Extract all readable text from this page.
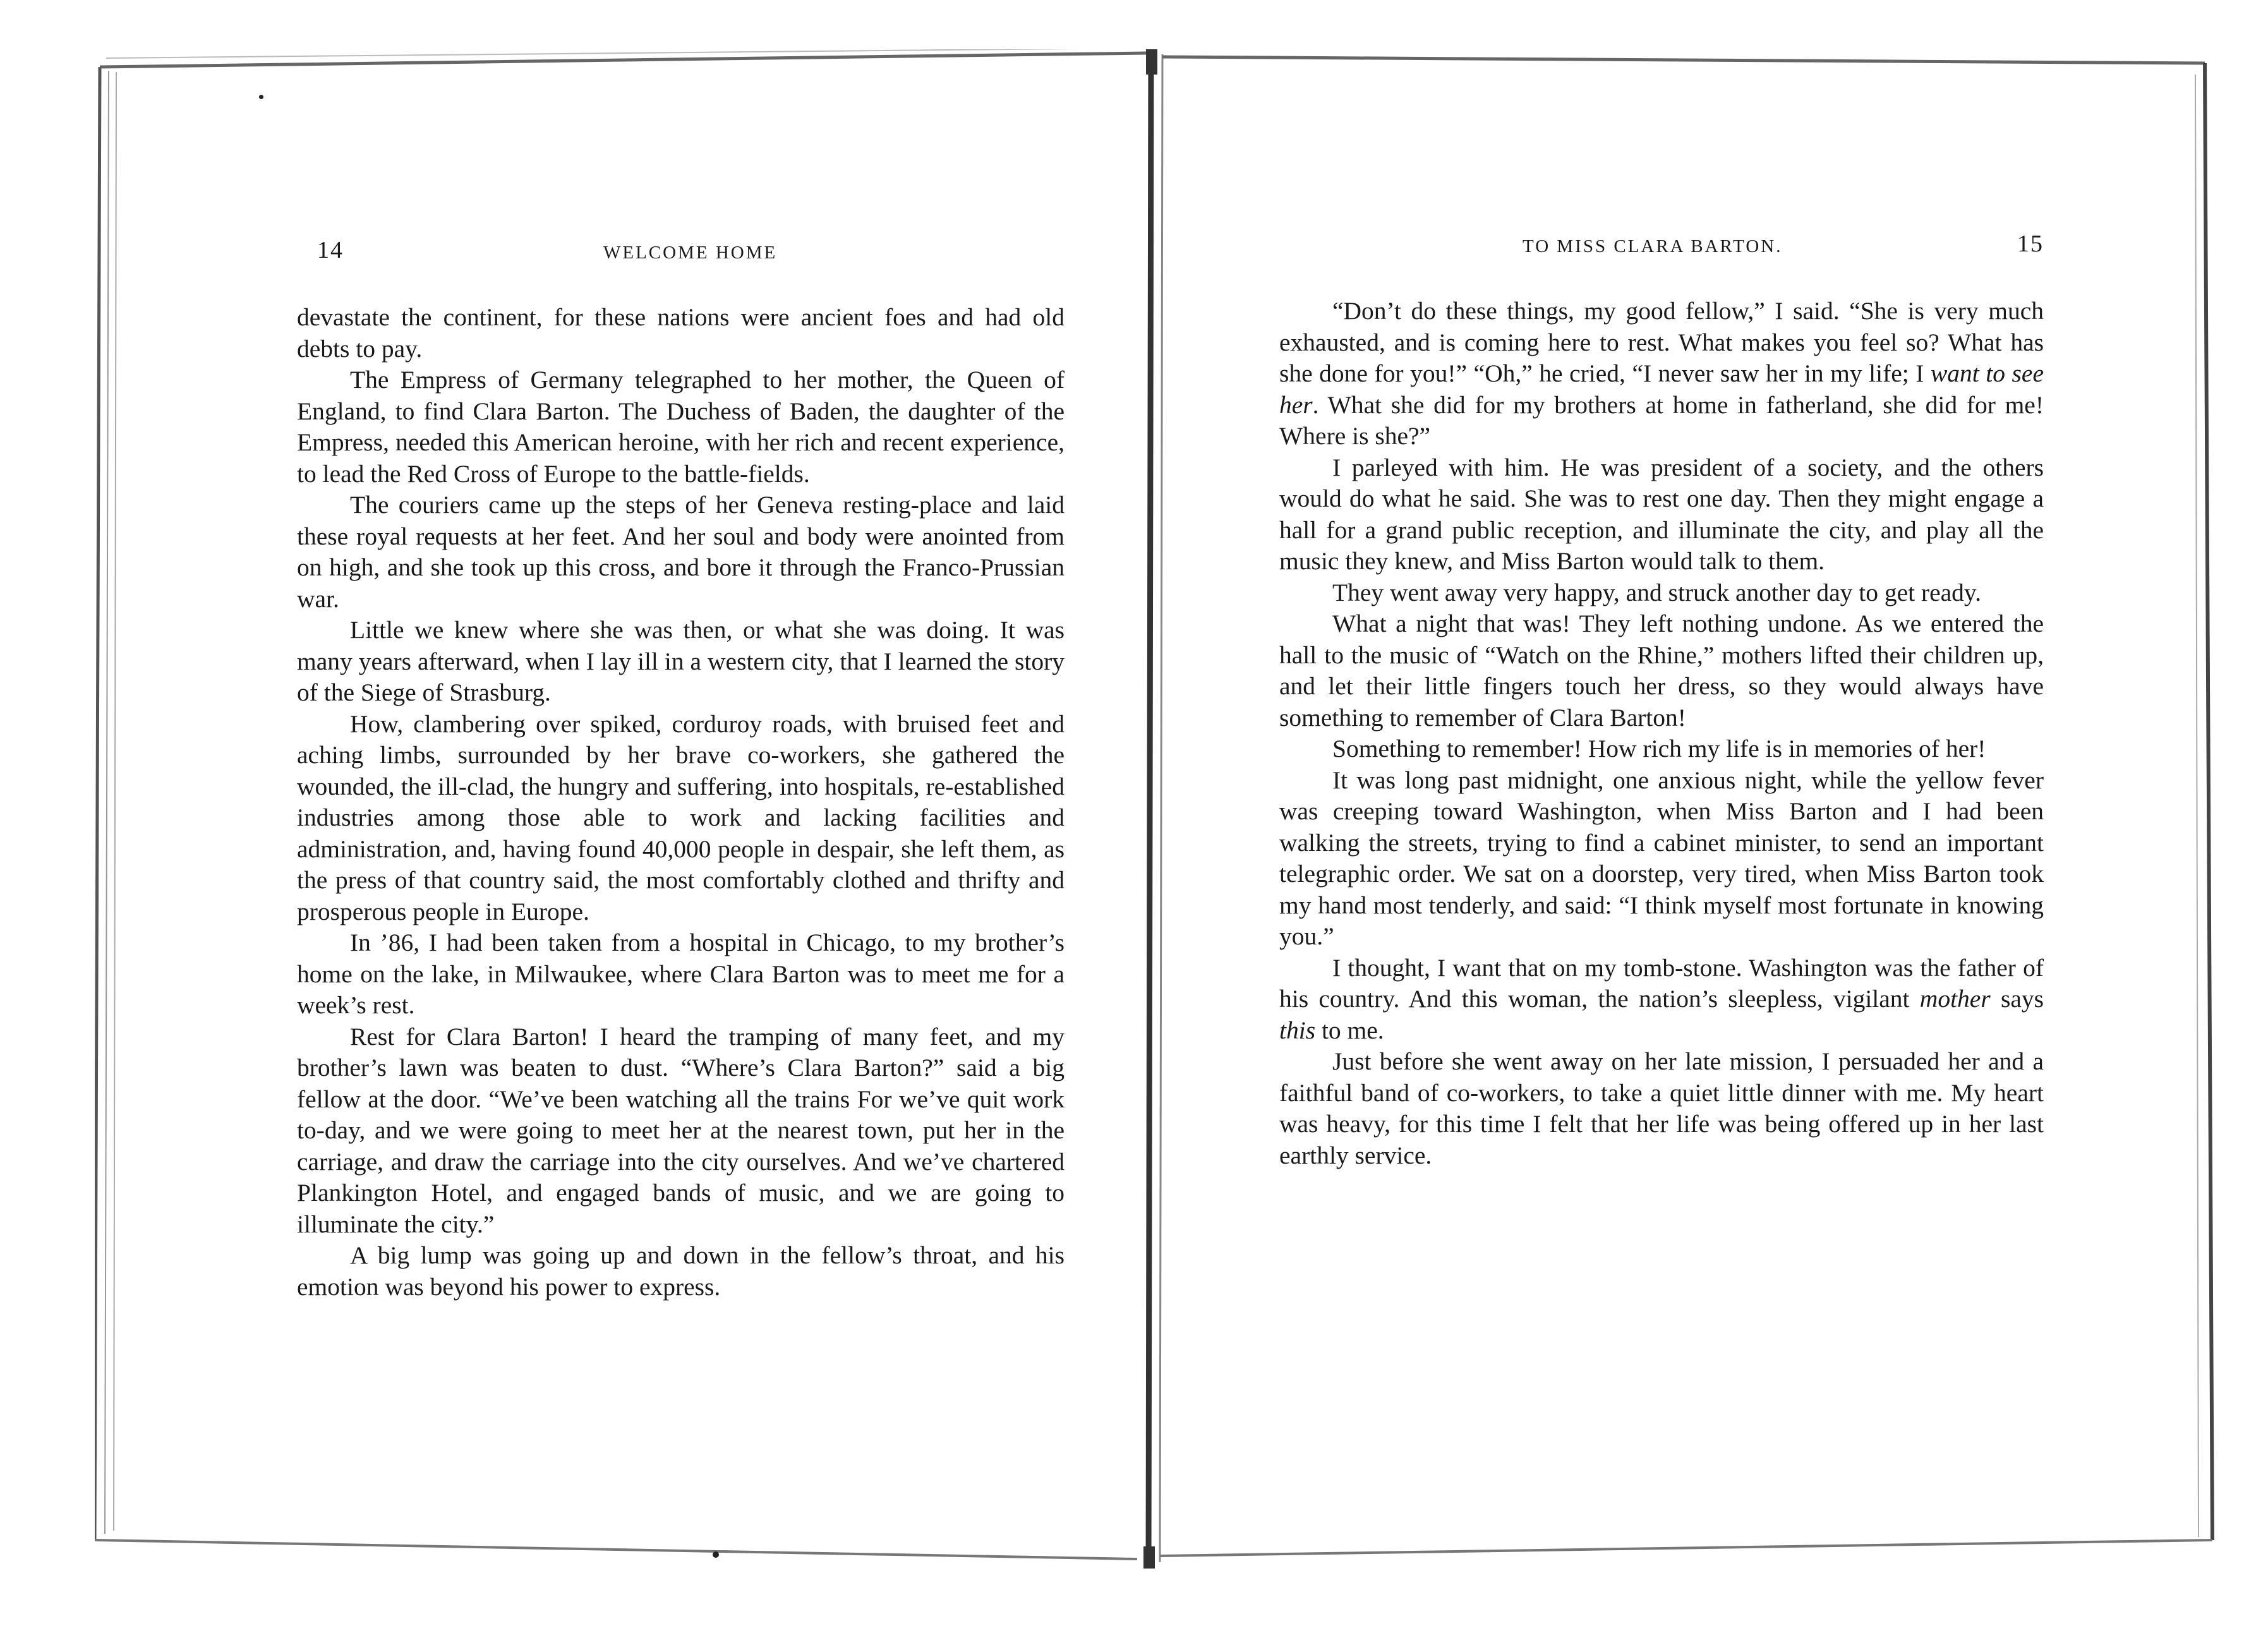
14	WELCOME HOME

devastate the continent, for these nations were ancient foes and had old debts to pay.

The Empress of Germany telegraphed to her mother, the Queen of England, to find Clara Barton. The Duchess of Baden, the daughter of the Empress, needed this American heroine, with her rich and recent experience, to lead the Red Cross of Europe to the battle-fields.

The couriers came up the steps of her Geneva resting-place and laid these royal requests at her feet. And her soul and body were anointed from on high, and she took up this cross, and bore it through the Franco-Prussian war.

Little we knew where she was then, or what she was doing. It was many years afterward, when I lay ill in a western city, that I learned the story of the Siege of Strasburg.

How, clambering over spiked, corduroy roads, with bruised feet and aching limbs, surrounded by her brave co-workers, she gathered the wounded, the ill-clad, the hungry and suffering, into hospitals, re-established industries among those able to work and lacking facilities and administration, and, having found 40,000 people in despair, she left them, as the press of that country said, the most comfortably clothed and thrifty and prosperous people in Europe.

In ’86, I had been taken from a hospital in Chicago, to my brother’s home on the lake, in Milwaukee, where Clara Barton was to meet me for a week’s rest.

Rest for Clara Barton! I heard the tramping of many feet, and my brother’s lawn was beaten to dust. “Where’s Clara Barton?” said a big fellow at the door. “We’ve been watching all the trains For we’ve quit work to-day, and we were going to meet her at the nearest town, put her in the carriage, and draw the carriage into the city ourselves. And we’ve chartered Plankington Hotel, and engaged bands of music, and we are going to illuminate the city.”

A big lump was going up and down in the fellow’s throat, and his emotion was beyond his power to express.

TO MISS CLARA BARTON.	15

“Don’t do these things, my good fellow,” I said. “She is very much exhausted, and is coming here to rest. What makes you feel so? What has she done for you!” “Oh,” he cried, “I never saw her in my life; I want to see her. What she did for my brothers at home in fatherland, she did for me! Where is she?”

I parleyed with him. He was president of a society, and the others would do what he said. She was to rest one day. Then they might engage a hall for a grand public reception, and illuminate the city, and play all the music they knew, and Miss Barton would talk to them.

They went away very happy, and struck another day to get ready.

What a night that was! They left nothing undone. As we entered the hall to the music of “Watch on the Rhine,” mothers lifted their children up, and let their little fingers touch her dress, so they would always have something to remember of Clara Barton!

Something to remember! How rich my life is in memories of her!

It was long past midnight, one anxious night, while the yellow fever was creeping toward Washington, when Miss Barton and I had been walking the streets, trying to find a cabinet minister, to send an important telegraphic order. We sat on a doorstep, very tired, when Miss Barton took my hand most tenderly, and said: “I think myself most fortunate in knowing you.”

I thought, I want that on my tomb-stone. Washington was the father of his country. And this woman, the nation’s sleepless, vigilant mother says this to me.

Just before she went away on her late mission, I persuaded her and a faithful band of co-workers, to take a quiet little dinner with me. My heart was heavy, for this time I felt that her life was being offered up in her last earthly service.
